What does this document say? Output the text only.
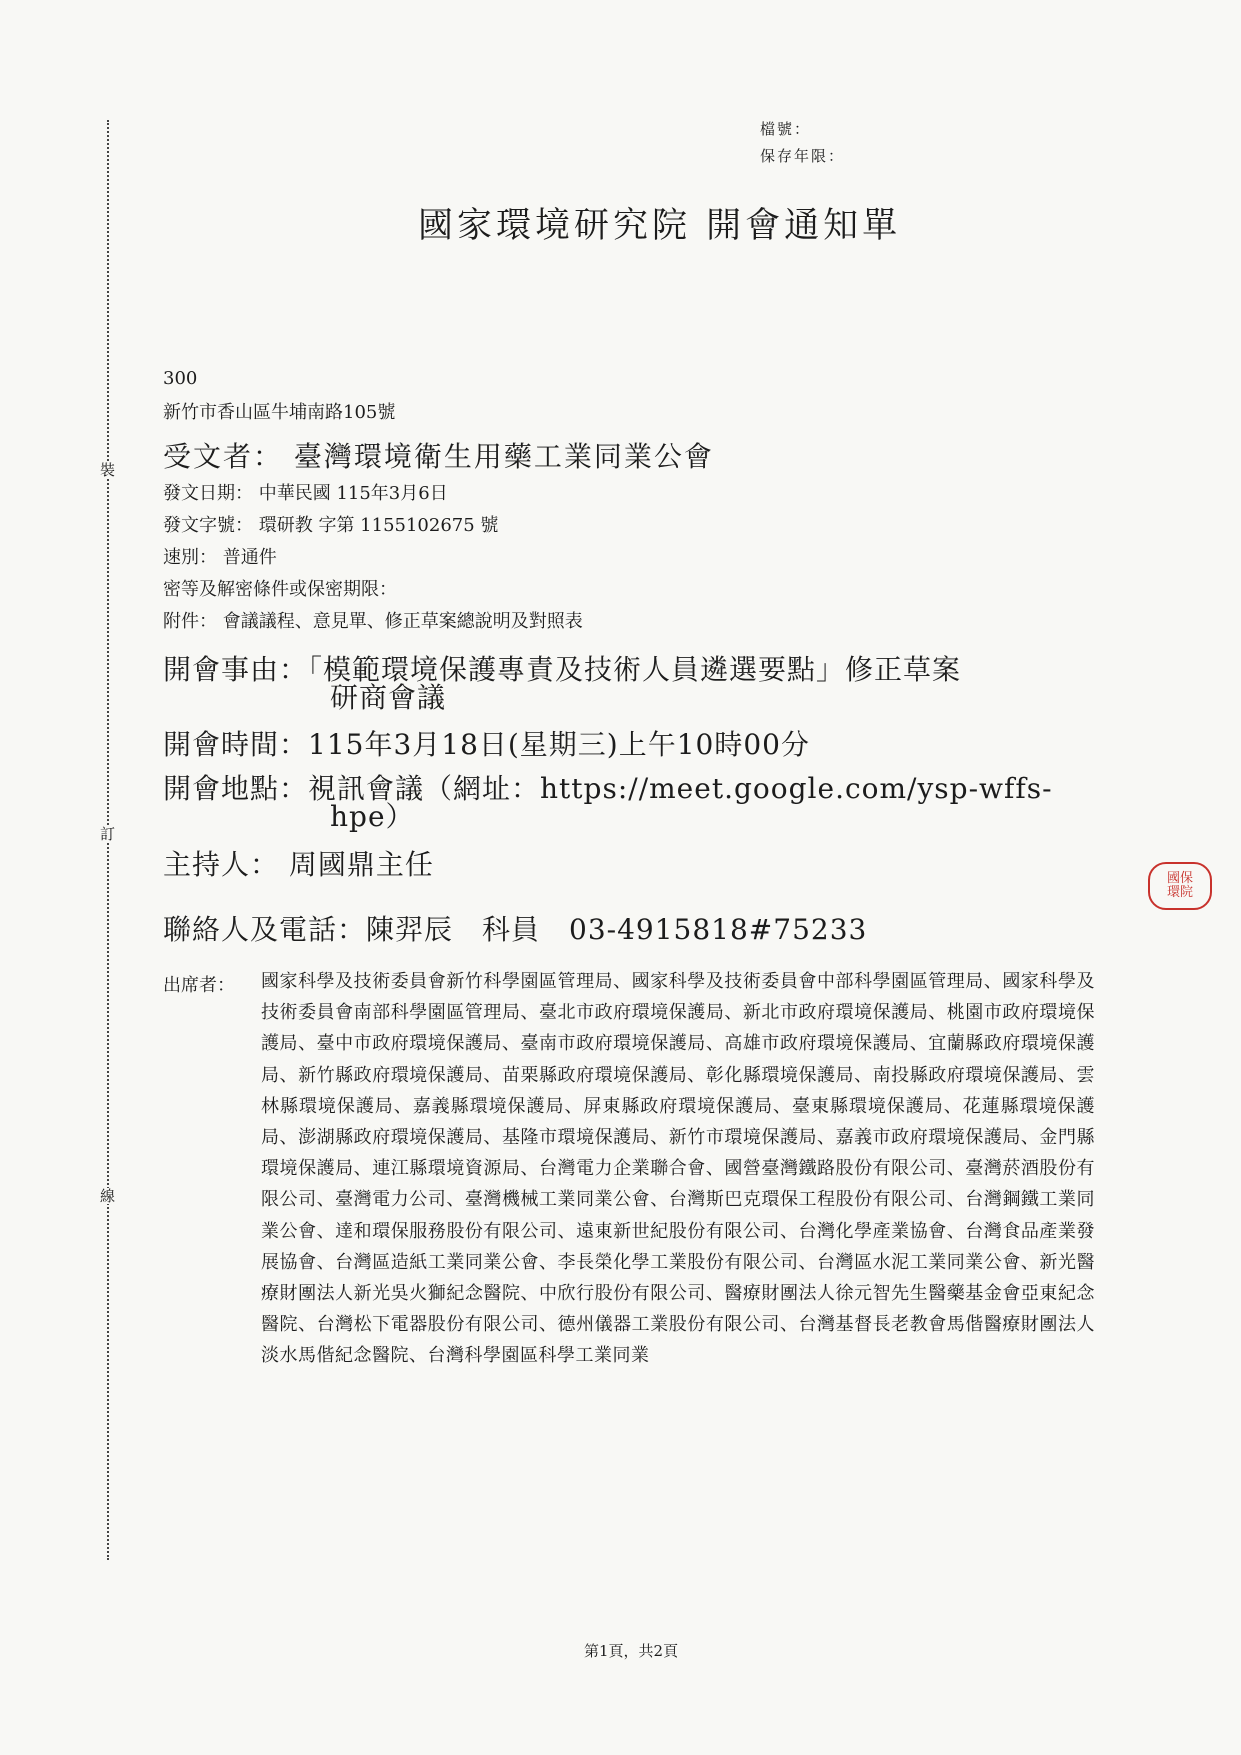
裝
訂
線
檔號：
保存年限：
國家環境研究院 開會通知單
300
新竹市香山區牛埔南路105號
受文者： 臺灣環境衛生用藥工業同業公會
發文日期： 中華民國 115年3月6日
發文字號： 環研教 字第 1155102675 號
速別： 普通件
密等及解密條件或保密期限：
附件： 會議議程、意見單、修正草案總說明及對照表
開會事由：「模範環境保護專責及技術人員遴選要點」修正草案
研商會議
開會時間：115年3月18日(星期三)上午10時00分
開會地點：視訊會議（網址：https://meet.google.com/ysp-wffs-
hpe）
主持人： 周國鼎主任
聯絡人及電話：陳羿辰　科員　03-4915818#75233
出席者： 國家科學及技術委員會新竹科學園區管理局、國家科學及技術委員會中部科學園區管理局、國家科學及技術委員會南部科學園區管理局、臺北市政府環境保護局、新北市政府環境保護局、桃園市政府環境保護局、臺中市政府環境保護局、臺南市政府環境保護局、高雄市政府環境保護局、宜蘭縣政府環境保護局、新竹縣政府環境保護局、苗栗縣政府環境保護局、彰化縣環境保護局、南投縣政府環境保護局、雲林縣環境保護局、嘉義縣環境保護局、屏東縣政府環境保護局、臺東縣環境保護局、花蓮縣環境保護局、澎湖縣政府環境保護局、基隆市環境保護局、新竹市環境保護局、嘉義市政府環境保護局、金門縣環境保護局、連江縣環境資源局、台灣電力企業聯合會、國營臺灣鐵路股份有限公司、臺灣菸酒股份有限公司、臺灣電力公司、臺灣機械工業同業公會、台灣斯巴克環保工程股份有限公司、台灣鋼鐵工業同業公會、達和環保服務股份有限公司、遠東新世紀股份有限公司、台灣化學產業協會、台灣食品產業發展協會、台灣區造紙工業同業公會、李長榮化學工業股份有限公司、台灣區水泥工業同業公會、新光醫療財團法人新光吳火獅紀念醫院、中欣行股份有限公司、醫療財團法人徐元智先生醫藥基金會亞東紀念醫院、台灣松下電器股份有限公司、德州儀器工業股份有限公司、台灣基督長老教會馬偕醫療財團法人淡水馬偕紀念醫院、台灣科學園區科學工業同業
國保
環院
第1頁，共2頁
